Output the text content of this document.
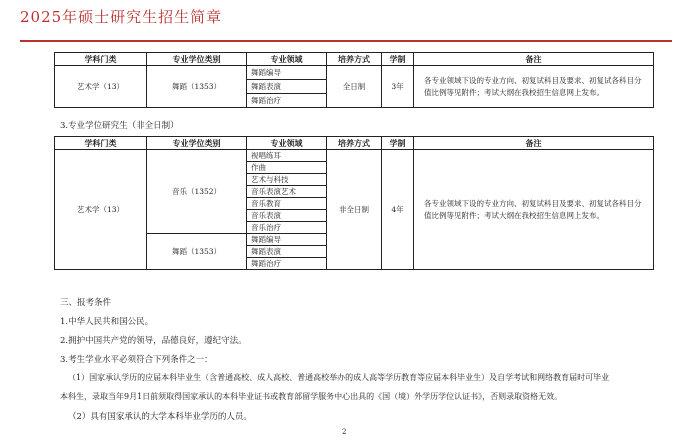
2025年硕士研究生招生简章
学科门类	专业学位类别	专业领域	培养方式	学制	备注
艺术学（13）	舞蹈（1353）	舞蹈编导	全日制	3年	各专业领域下设的专业方向、初复试科目及要求、初复试各科目分值比例等见附件；考试大纲在我校招生信息网上发布。
		舞蹈表演			
		舞蹈治疗			
3.专业学位研究生（非全日制）
学科门类	专业学位类别	专业领域	培养方式	学制	备注
艺术学（13）	音乐（1352）	视唱练耳	非全日制	4年	各专业领域下设的专业方向、初复试科目及要求、初复试各科目分值比例等见附件；考试大纲在我校招生信息网上发布。
		作曲			
		艺术与科技			
		音乐表演艺术			
		音乐教育			
		音乐表演			
		音乐治疗			
	舞蹈（1353）	舞蹈编导			
		舞蹈表演			
		舞蹈治疗			
三、报考条件
1.中华人民共和国公民。
2.拥护中国共产党的领导，品德良好，遵纪守法。
3.考生学业水平必须符合下列条件之一：
（1）国家承认学历的应届本科毕业生（含普通高校、成人高校、普通高校举办的成人高等学历教育等应届本科毕业生）及自学考试和网络教育届时可毕业
本科生，录取当年9月1日前须取得国家承认的本科毕业证书或教育部留学服务中心出具的《国（境）外学历学位认证书》，否则录取资格无效。
（2）具有国家承认的大学本科毕业学历的人员。
2
